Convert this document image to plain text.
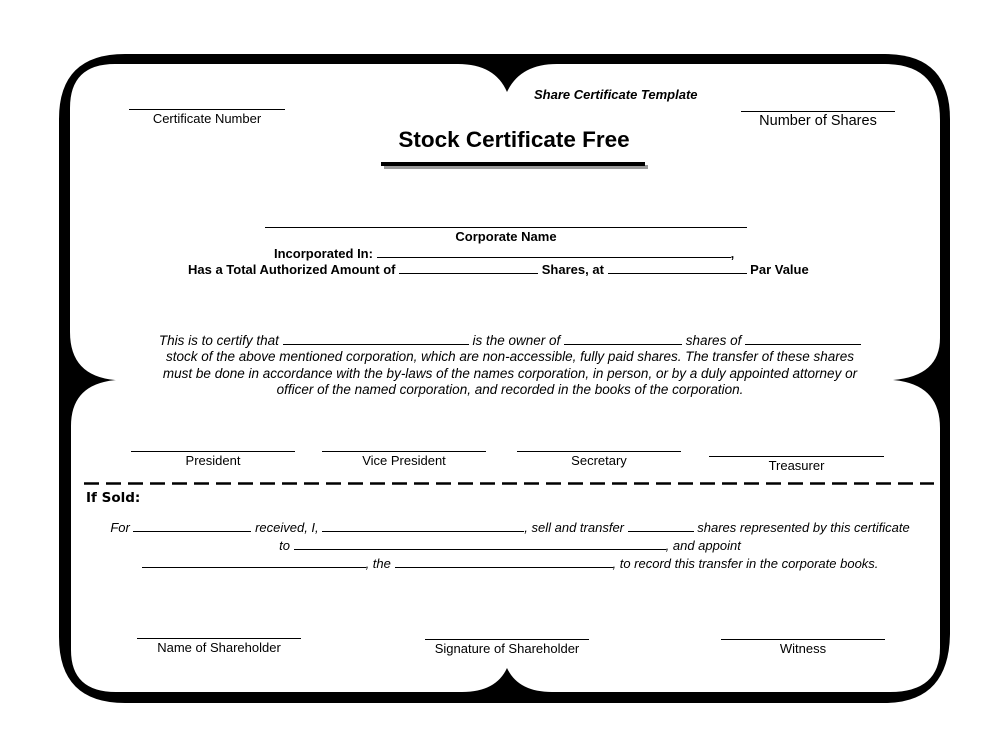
Share Certificate Template
Certificate Number	Number of Shares
Stock Certificate Free
Corporate Name
Incorporated In:	,
Has a Total Authorized Amount of	Shares, at	Par Value
This is to certify that	is the owner of	shares of
stock of the above mentioned corporation, which are non-accessible, fully paid shares. The transfer of these shares
must be done in accordance with the by-laws of the names corporation, in person, or by a duly appointed attorney or
officer of the named corporation, and recorded in the books of the corporation.
President	Vice President	Secretary	Treasurer
If Sold:
For	received, I,	, sell and transfer	shares represented by this certificate
to	, and appoint
, the	, to record this transfer in the corporate books.
Name of Shareholder	Signature of Shareholder	Witness
